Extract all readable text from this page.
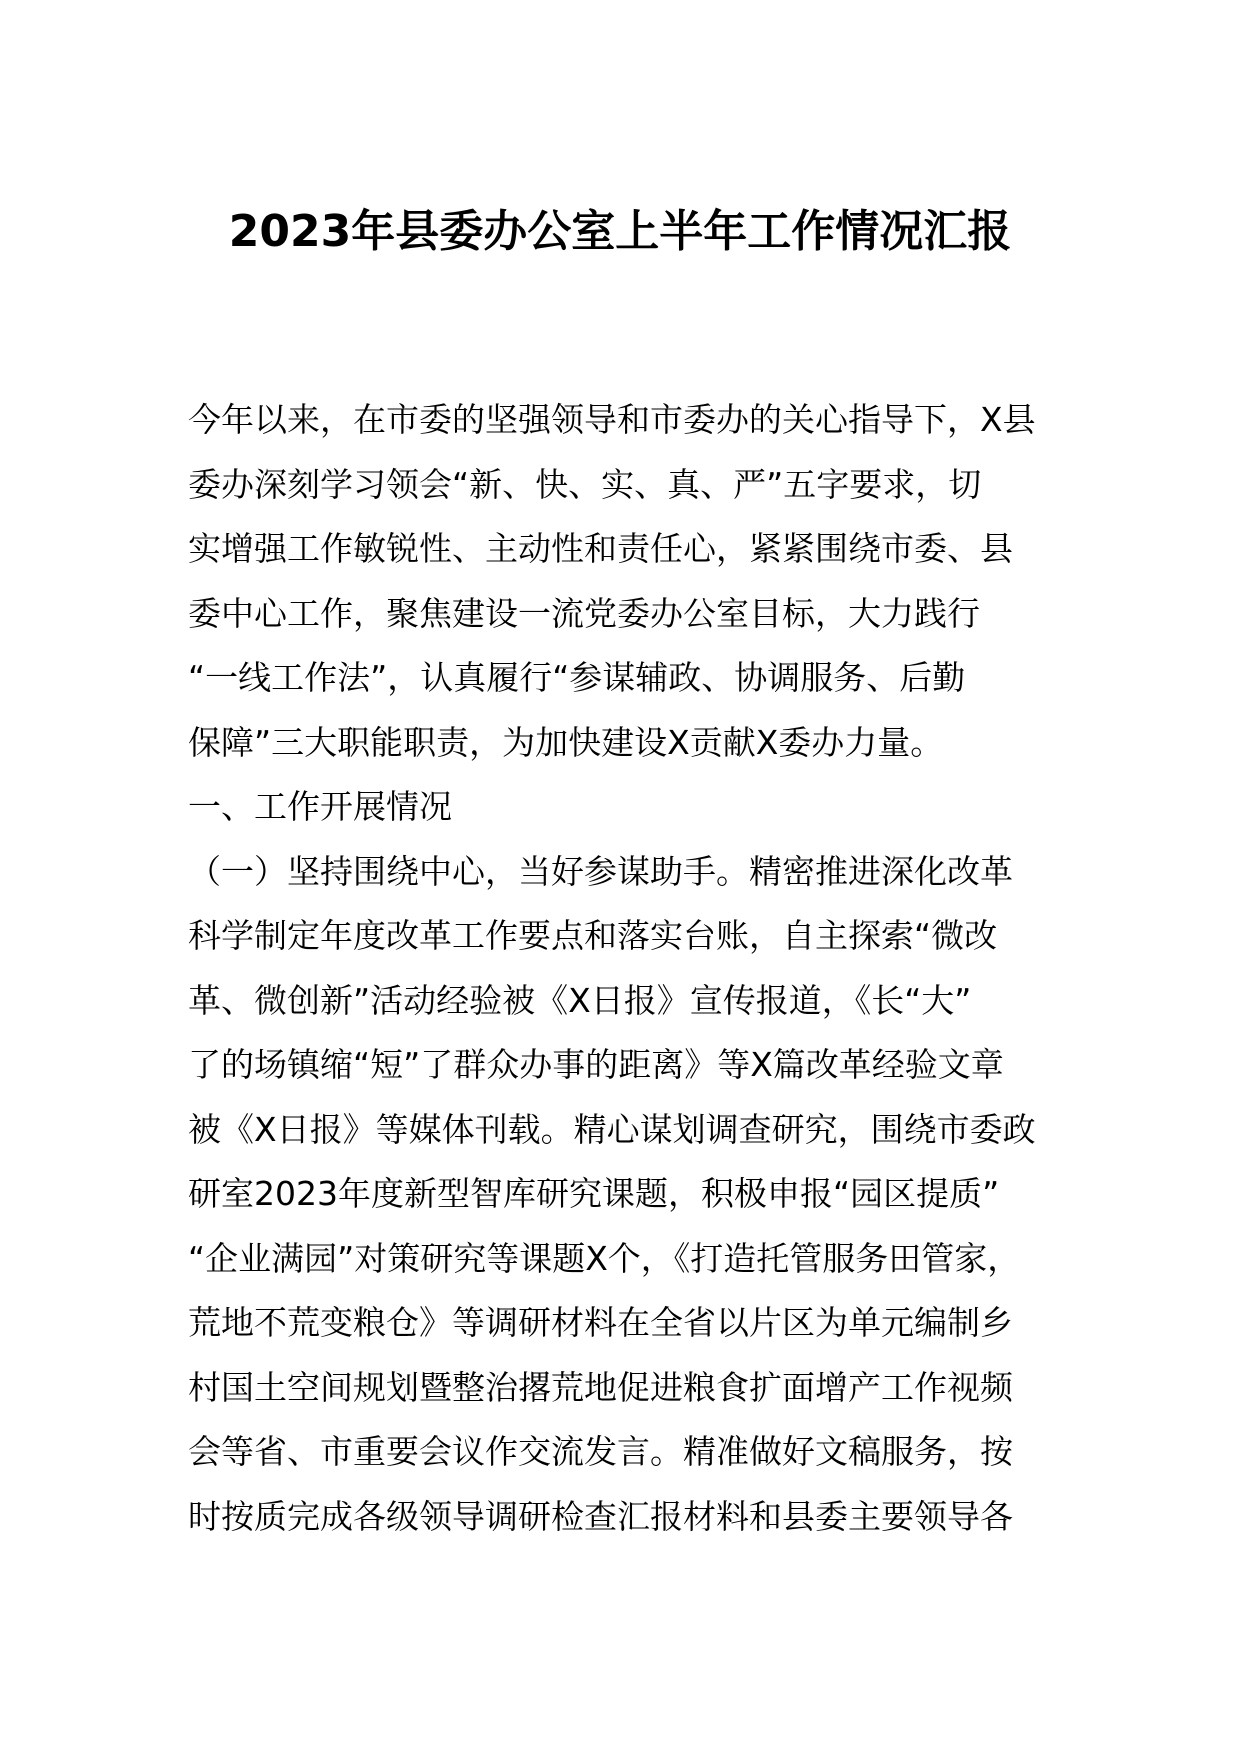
2023年县委办公室上半年工作情况汇报
今年以来，在市委的坚强领导和市委办的关心指导下，X县
委办深刻学习领会“新、快、实、真、严”五字要求，切
实增强工作敏锐性、主动性和责任心，紧紧围绕市委、县
委中心工作，聚焦建设一流党委办公室目标，大力践行
“一线工作法”，认真履行“参谋辅政、协调服务、后勤
保障”三大职能职责，为加快建设X贡献X委办力量。
一、工作开展情况
（一）坚持围绕中心，当好参谋助手。精密推进深化改革
科学制定年度改革工作要点和落实台账，自主探索“微改
革、微创新”活动经验被《X日报》宣传报道，《长“大”
了的场镇缩“短”了群众办事的距离》等X篇改革经验文章
被《X日报》等媒体刊载。精心谋划调查研究，围绕市委政
研室2023年度新型智库研究课题，积极申报“园区提质”
“企业满园”对策研究等课题X个，《打造托管服务田管家，
荒地不荒变粮仓》等调研材料在全省以片区为单元编制乡
村国土空间规划暨整治撂荒地促进粮食扩面增产工作视频
会等省、市重要会议作交流发言。精准做好文稿服务，按
时按质完成各级领导调研检查汇报材料和县委主要领导各
